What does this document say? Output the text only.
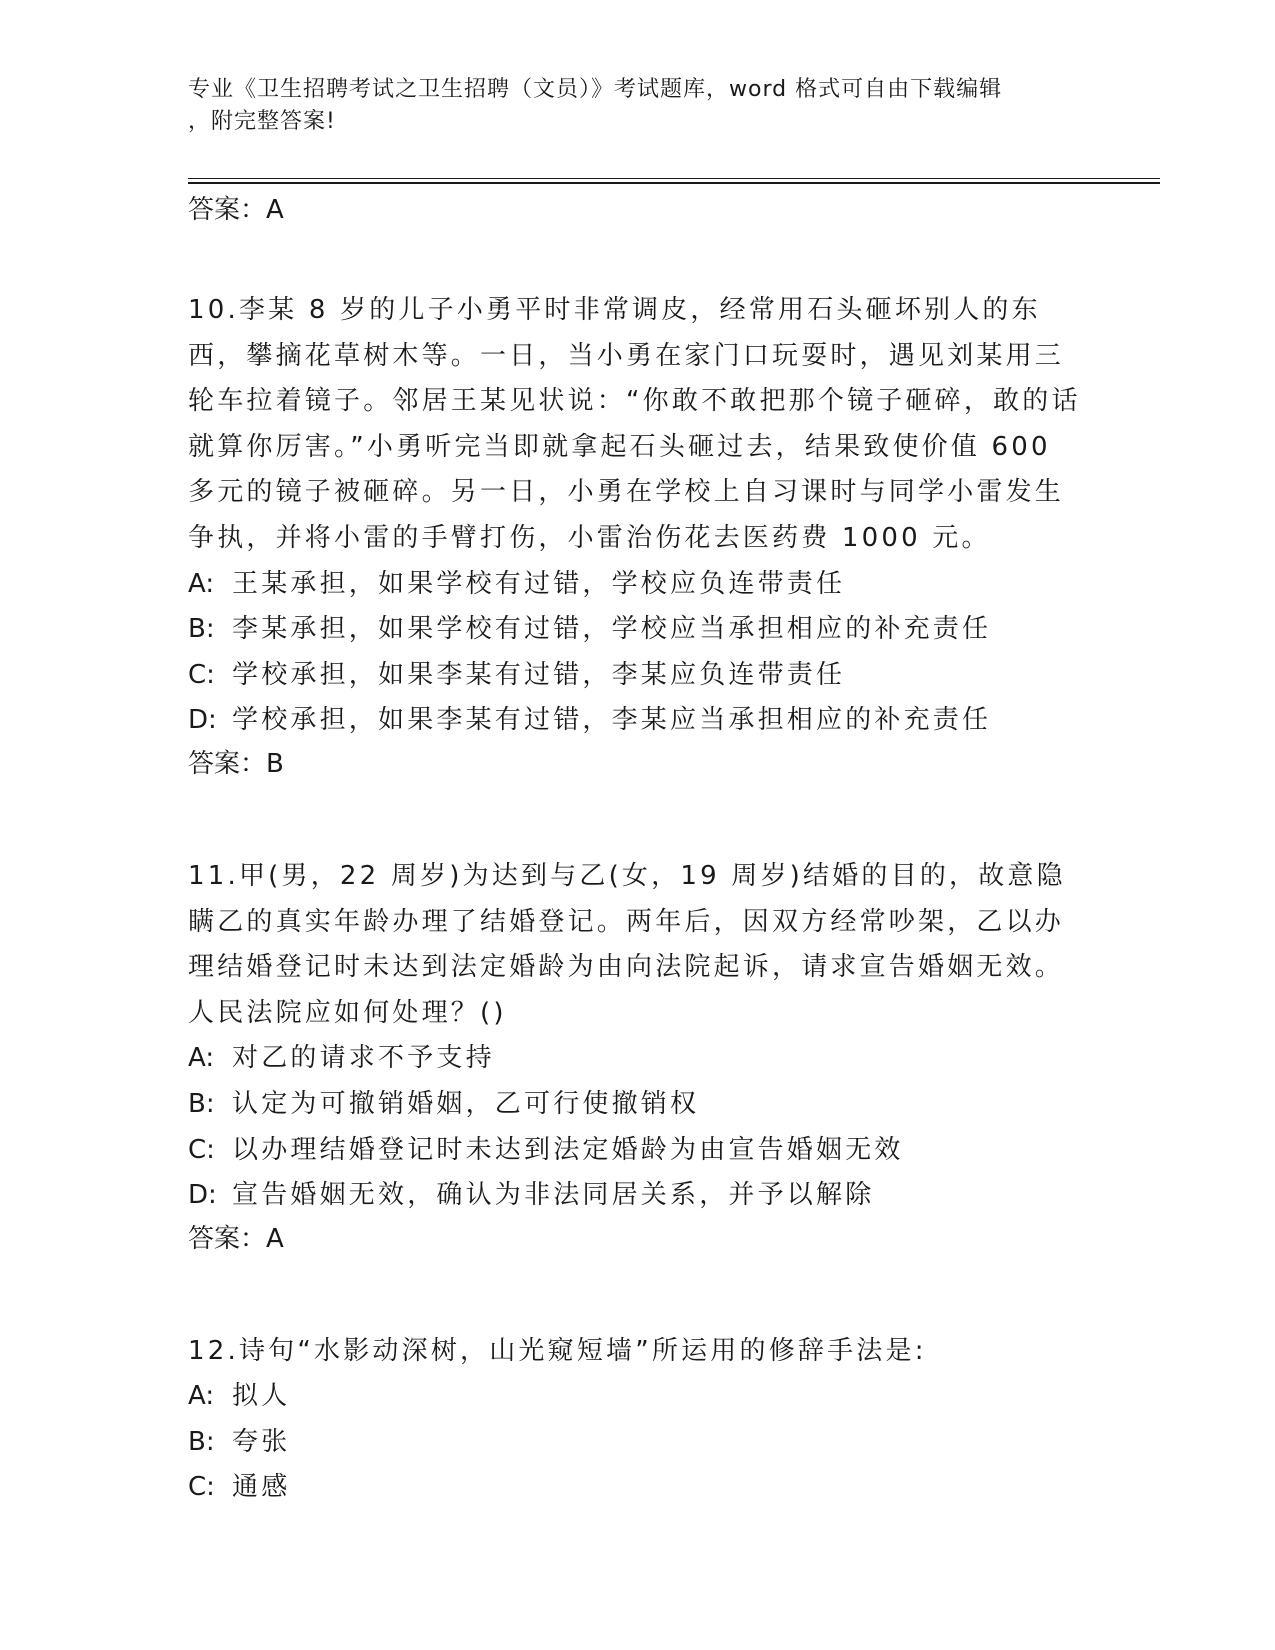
专业《卫生招聘考试之卫生招聘（文员）》考试题库，word 格式可自由下载编辑
，附完整答案!

答案：A

10.李某 8 岁的儿子小勇平时非常调皮，经常用石头砸坏别人的东西，攀摘花草树木等。一日，当小勇在家门口玩耍时，遇见刘某用三轮车拉着镜子。邻居王某见状说：“你敢不敢把那个镜子砸碎，敢的话就算你厉害。”小勇听完当即就拿起石头砸过去，结果致使价值 600 多元的镜子被砸碎。另一日，小勇在学校上自习课时与同学小雷发生争执，并将小雷的手臂打伤，小雷治伤花去医药费 1000 元。

A: 王某承担，如果学校有过错，学校应负连带责任
B: 李某承担，如果学校有过错，学校应当承担相应的补充责任
C: 学校承担，如果李某有过错，李某应负连带责任
D: 学校承担，如果李某有过错，李某应当承担相应的补充责任

答案：B

11.甲(男，22 周岁)为达到与乙(女，19 周岁)结婚的目的，故意隐瞒乙的真实年龄办理了结婚登记。两年后，因双方经常吵架，乙以办理结婚登记时未达到法定婚龄为由向法院起诉，请求宣告婚姻无效。人民法院应如何处理？()

A: 对乙的请求不予支持
B: 认定为可撤销婚姻，乙可行使撤销权
C: 以办理结婚登记时未达到法定婚龄为由宣告婚姻无效
D: 宣告婚姻无效，确认为非法同居关系，并予以解除

答案：A

12.诗句“水影动深树，山光窥短墙”所运用的修辞手法是:

A: 拟人
B: 夸张
C: 通感
